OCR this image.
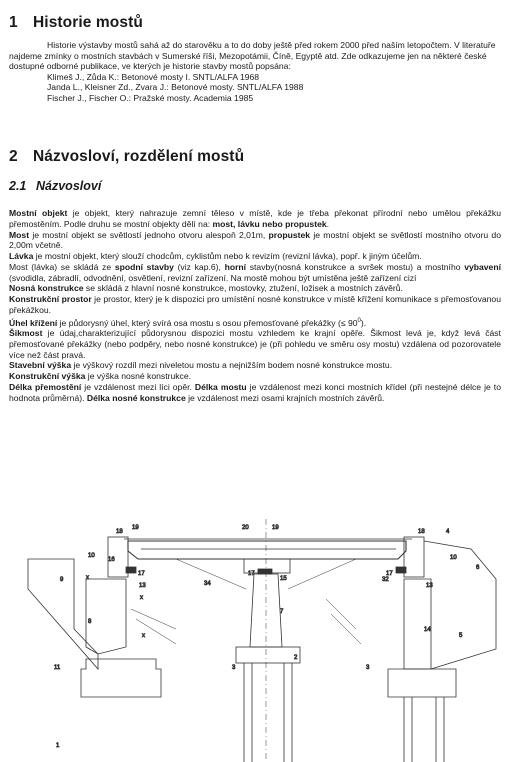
1 Historie mostů

Historie výstavby mostů sahá až do starověku a to do doby ještě před rokem 2000 před naším letopočtem. V literatuře najdeme zmínky o mostních stavbách v Sumerské říši, Mezopotámii, Číně, Egyptě atd. Zde odkazujeme jen na některé české dostupné odborné publikace, ve kterých je historie stavby mostů popsána:

Klimeš J., Zůda K.: Betonové mosty I. SNTL/ALFA 1968
Janda L., Kleisner Zd., Zvara J.: Betonové mosty. SNTL/ALFA 1988
Fischer J., Fischer O.: Pražské mosty. Academia 1985
2 Názvosloví, rozdělení mostů
2.1 Názvosloví

Mostní objekt je objekt, který nahrazuje zemní těleso v místě, kde je třeba překonat přírodní nebo umělou překážku přemostěním. Podle druhu se mostní objekty dělí na: most, lávku nebo propustek.

Most je mostní objekt se světlostí jednoho otvoru alespoň 2,01m, propustek je mostní objekt se světlostí mostního otvoru do 2,00m včetně.

Lávka je mostní objekt, který slouží chodcům, cyklistům nebo k revizím (revizní lávka), popř. k jiným účelům.

Most (lávka) se skládá ze spodní stavby (viz kap.6), horní stavby(nosná konstrukce a svršek mostu) a mostního vybavení (svodidla, zábradlí, odvodnění, osvětlení, revizní zařízení. Na mostě mohou být umístěna ještě zařízení cizí

Nosná konstrukce se skládá z hlavní nosné konstrukce, mostovky, ztužení, ložisek a mostních závěrů.

Konstrukční prostor je prostor, který je k dispozici pro umístění nosné konstrukce v místě křížení komunikace s přemosťovanou překážkou.

Úhel křížení je půdorysný úhel, který svírá osa mostu s osou přemosťované překážky (≤ $90^0$).

Šikmost je údaj,charakterizující půdorysnou dispozici mostu vzhledem ke krajní opěře. Šikmost levá je, když levá část přemosťované překážky (nebo podpěry, nebo nosné konstrukce) je (při pohledu ve směru osy mostu) vzdálena od pozorovatele více než část pravá.

Stavební výška je výškový rozdíl mezi niveletou mostu a nejnižším bodem nosné konstrukce mostu.

Konstrukční výška je výška nosné konstrukce.

Délka přemostění je vzdálenost mezi líci opěr. Délka mostu je vzdálenost mezi konci mostních křídel (při nestejné délce je to hodnota průměrná). Délka nosné konstrukce je vzdálenost mezi osami krajních mostních závěrů.

1
2
3	3
4
5
6
7
8
9
10	10
11
13	13
14
15
16
17	17	17
18	18
19	19
20
32
34
x
x
x
